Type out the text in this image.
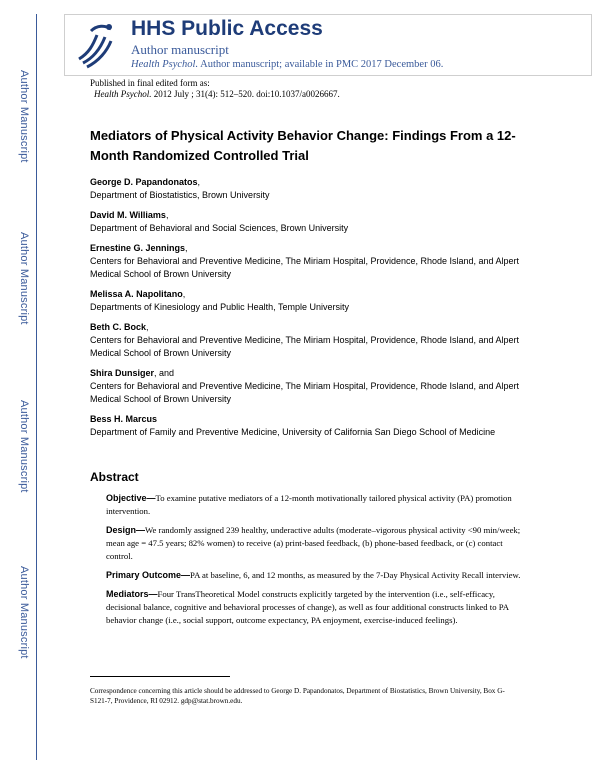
Author Manuscript
Author Manuscript
Author Manuscript
Author Manuscript
HHS Public Access
Author manuscript
Health Psychol. Author manuscript; available in PMC 2017 December 06.
Published in final edited form as:
Health Psychol. 2012 July ; 31(4): 512–520. doi:10.1037/a0026667.
Mediators of Physical Activity Behavior Change: Findings From a 12-Month Randomized Controlled Trial
George D. Papandonatos,
Department of Biostatistics, Brown University
David M. Williams,
Department of Behavioral and Social Sciences, Brown University
Ernestine G. Jennings,
Centers for Behavioral and Preventive Medicine, The Miriam Hospital, Providence, Rhode Island, and Alpert Medical School of Brown University
Melissa A. Napolitano,
Departments of Kinesiology and Public Health, Temple University
Beth C. Bock,
Centers for Behavioral and Preventive Medicine, The Miriam Hospital, Providence, Rhode Island, and Alpert Medical School of Brown University
Shira Dunsiger, and
Centers for Behavioral and Preventive Medicine, The Miriam Hospital, Providence, Rhode Island, and Alpert Medical School of Brown University
Bess H. Marcus
Department of Family and Preventive Medicine, University of California San Diego School of Medicine
Abstract

Objective—To examine putative mediators of a 12-month motivationally tailored physical activity (PA) promotion intervention.

Design—We randomly assigned 239 healthy, underactive adults (moderate–vigorous physical activity <90 min/week; mean age = 47.5 years; 82% women) to receive (a) print-based feedback, (b) phone-based feedback, or (c) contact control.

Primary Outcome—PA at baseline, 6, and 12 months, as measured by the 7-Day Physical Activity Recall interview.

Mediators—Four TransTheoretical Model constructs explicitly targeted by the intervention (i.e., self-efficacy, decisional balance, cognitive and behavioral processes of change), as well as four additional constructs linked to PA behavior change (i.e., social support, outcome expectancy, PA enjoyment, exercise-induced feelings).

Correspondence concerning this article should be addressed to George D. Papandonatos, Department of Biostatistics, Brown University, Box G-S121-7, Providence, RI 02912. gdp@stat.brown.edu.
